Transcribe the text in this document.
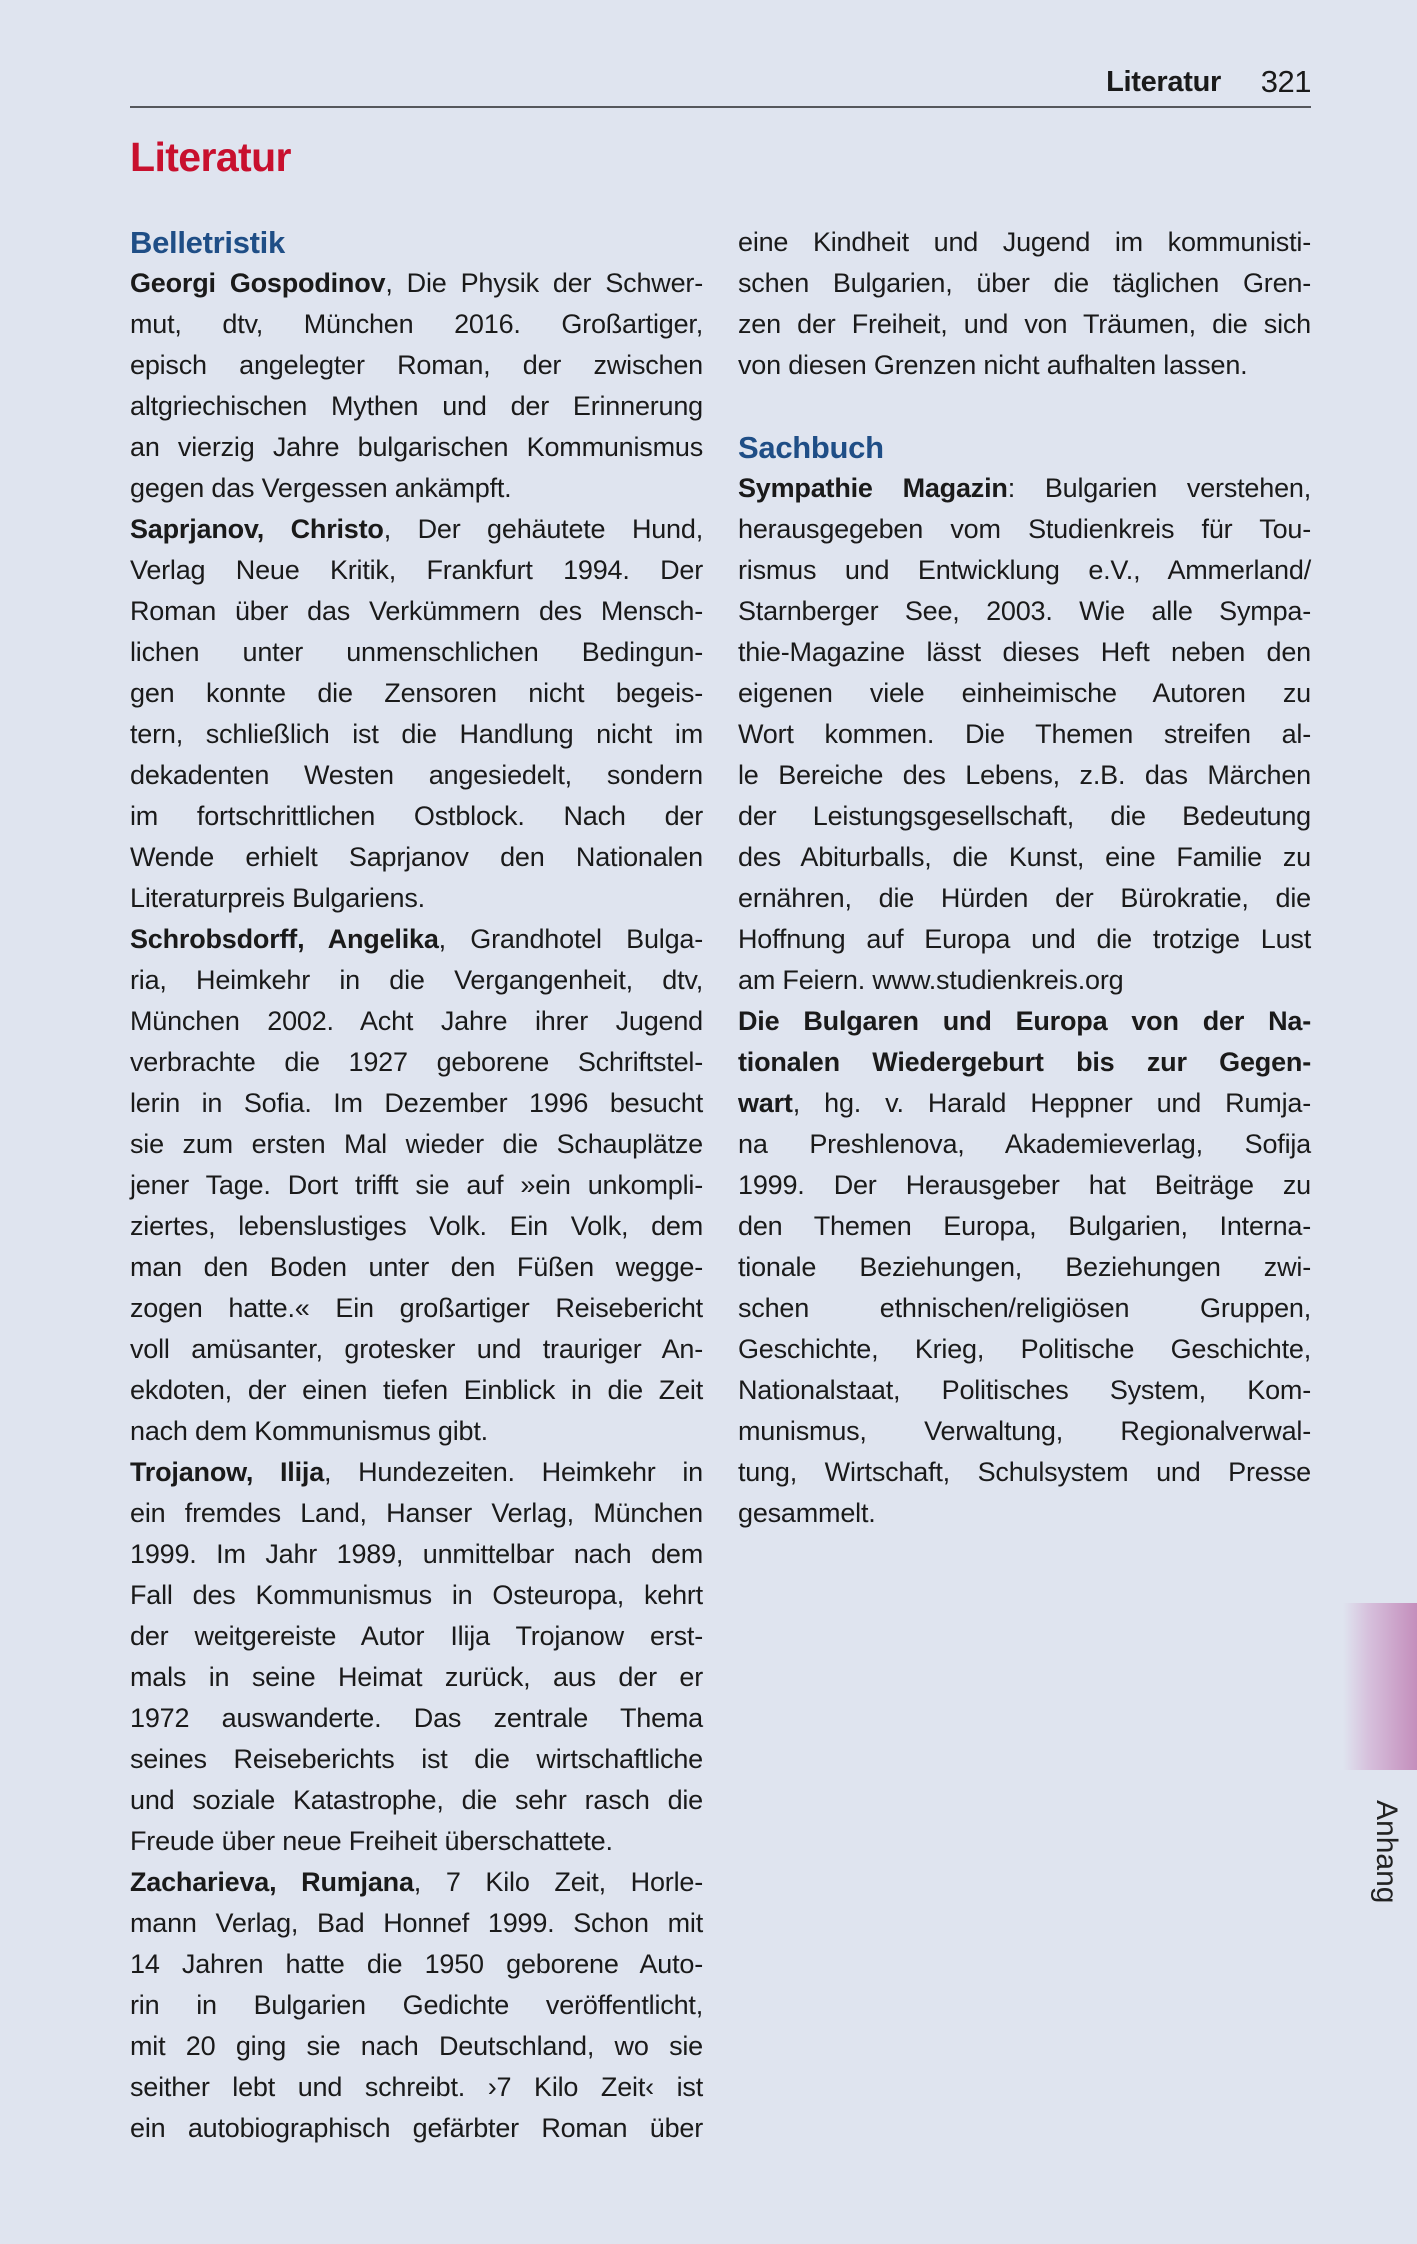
Literatur 321
Literatur
Belletristik
Georgi Gospodinov, Die Physik der Schwer-
mut, dtv, München 2016. Großartiger,
episch angelegter Roman, der zwischen
altgriechischen Mythen und der Erinnerung
an vierzig Jahre bulgarischen Kommunismus
gegen das Vergessen ankämpft.
Saprjanov, Christo, Der gehäutete Hund,
Verlag Neue Kritik, Frankfurt 1994. Der
Roman über das Verkümmern des Mensch-
lichen unter unmenschlichen Bedingun-
gen konnte die Zensoren nicht begeis-
tern, schließlich ist die Handlung nicht im
dekadenten Westen angesiedelt, sondern
im fortschrittlichen Ostblock. Nach der
Wende erhielt Saprjanov den Nationalen
Literaturpreis Bulgariens.
Schrobsdorff, Angelika, Grandhotel Bulga-
ria, Heimkehr in die Vergangenheit, dtv,
München 2002. Acht Jahre ihrer Jugend
verbrachte die 1927 geborene Schriftstel-
lerin in Sofia. Im Dezember 1996 besucht
sie zum ersten Mal wieder die Schauplätze
jener Tage. Dort trifft sie auf »ein unkompli-
ziertes, lebenslustiges Volk. Ein Volk, dem
man den Boden unter den Füßen wegge-
zogen hatte.« Ein großartiger Reisebericht
voll amüsanter, grotesker und trauriger An-
ekdoten, der einen tiefen Einblick in die Zeit
nach dem Kommunismus gibt.
Trojanow, Ilija, Hundezeiten. Heimkehr in
ein fremdes Land, Hanser Verlag, München
1999. Im Jahr 1989, unmittelbar nach dem
Fall des Kommunismus in Osteuropa, kehrt
der weitgereiste Autor Ilija Trojanow erst-
mals in seine Heimat zurück, aus der er
1972 auswanderte. Das zentrale Thema
seines Reiseberichts ist die wirtschaftliche
und soziale Katastrophe, die sehr rasch die
Freude über neue Freiheit überschattete.
Zacharieva, Rumjana, 7 Kilo Zeit, Horle-
mann Verlag, Bad Honnef 1999. Schon mit
14 Jahren hatte die 1950 geborene Auto-
rin in Bulgarien Gedichte veröffentlicht,
mit 20 ging sie nach Deutschland, wo sie
seither lebt und schreibt. ›7 Kilo Zeit‹ ist
ein autobiographisch gefärbter Roman über
eine Kindheit und Jugend im kommunisti-
schen Bulgarien, über die täglichen Gren-
zen der Freiheit, und von Träumen, die sich
von diesen Grenzen nicht aufhalten lassen.
Sachbuch
Sympathie Magazin: Bulgarien verstehen,
herausgegeben vom Studienkreis für Tou-
rismus und Entwicklung e.V., Ammerland/
Starnberger See, 2003. Wie alle Sympa-
thie-Magazine lässt dieses Heft neben den
eigenen viele einheimische Autoren zu
Wort kommen. Die Themen streifen al-
le Bereiche des Lebens, z.B. das Märchen
der Leistungsgesellschaft, die Bedeutung
des Abiturballs, die Kunst, eine Familie zu
ernähren, die Hürden der Bürokratie, die
Hoffnung auf Europa und die trotzige Lust
am Feiern. www.studienkreis.org
Die Bulgaren und Europa von der Na-
tionalen Wiedergeburt bis zur Gegen-
wart, hg. v. Harald Heppner und Rumja-
na Preshlenova, Akademieverlag, Sofija
1999. Der Herausgeber hat Beiträge zu
den Themen Europa, Bulgarien, Interna-
tionale Beziehungen, Beziehungen zwi-
schen ethnischen/religiösen Gruppen,
Geschichte, Krieg, Politische Geschichte,
Nationalstaat, Politisches System, Kom-
munismus, Verwaltung, Regionalverwal-
tung, Wirtschaft, Schulsystem und Presse
gesammelt.
Anhang
